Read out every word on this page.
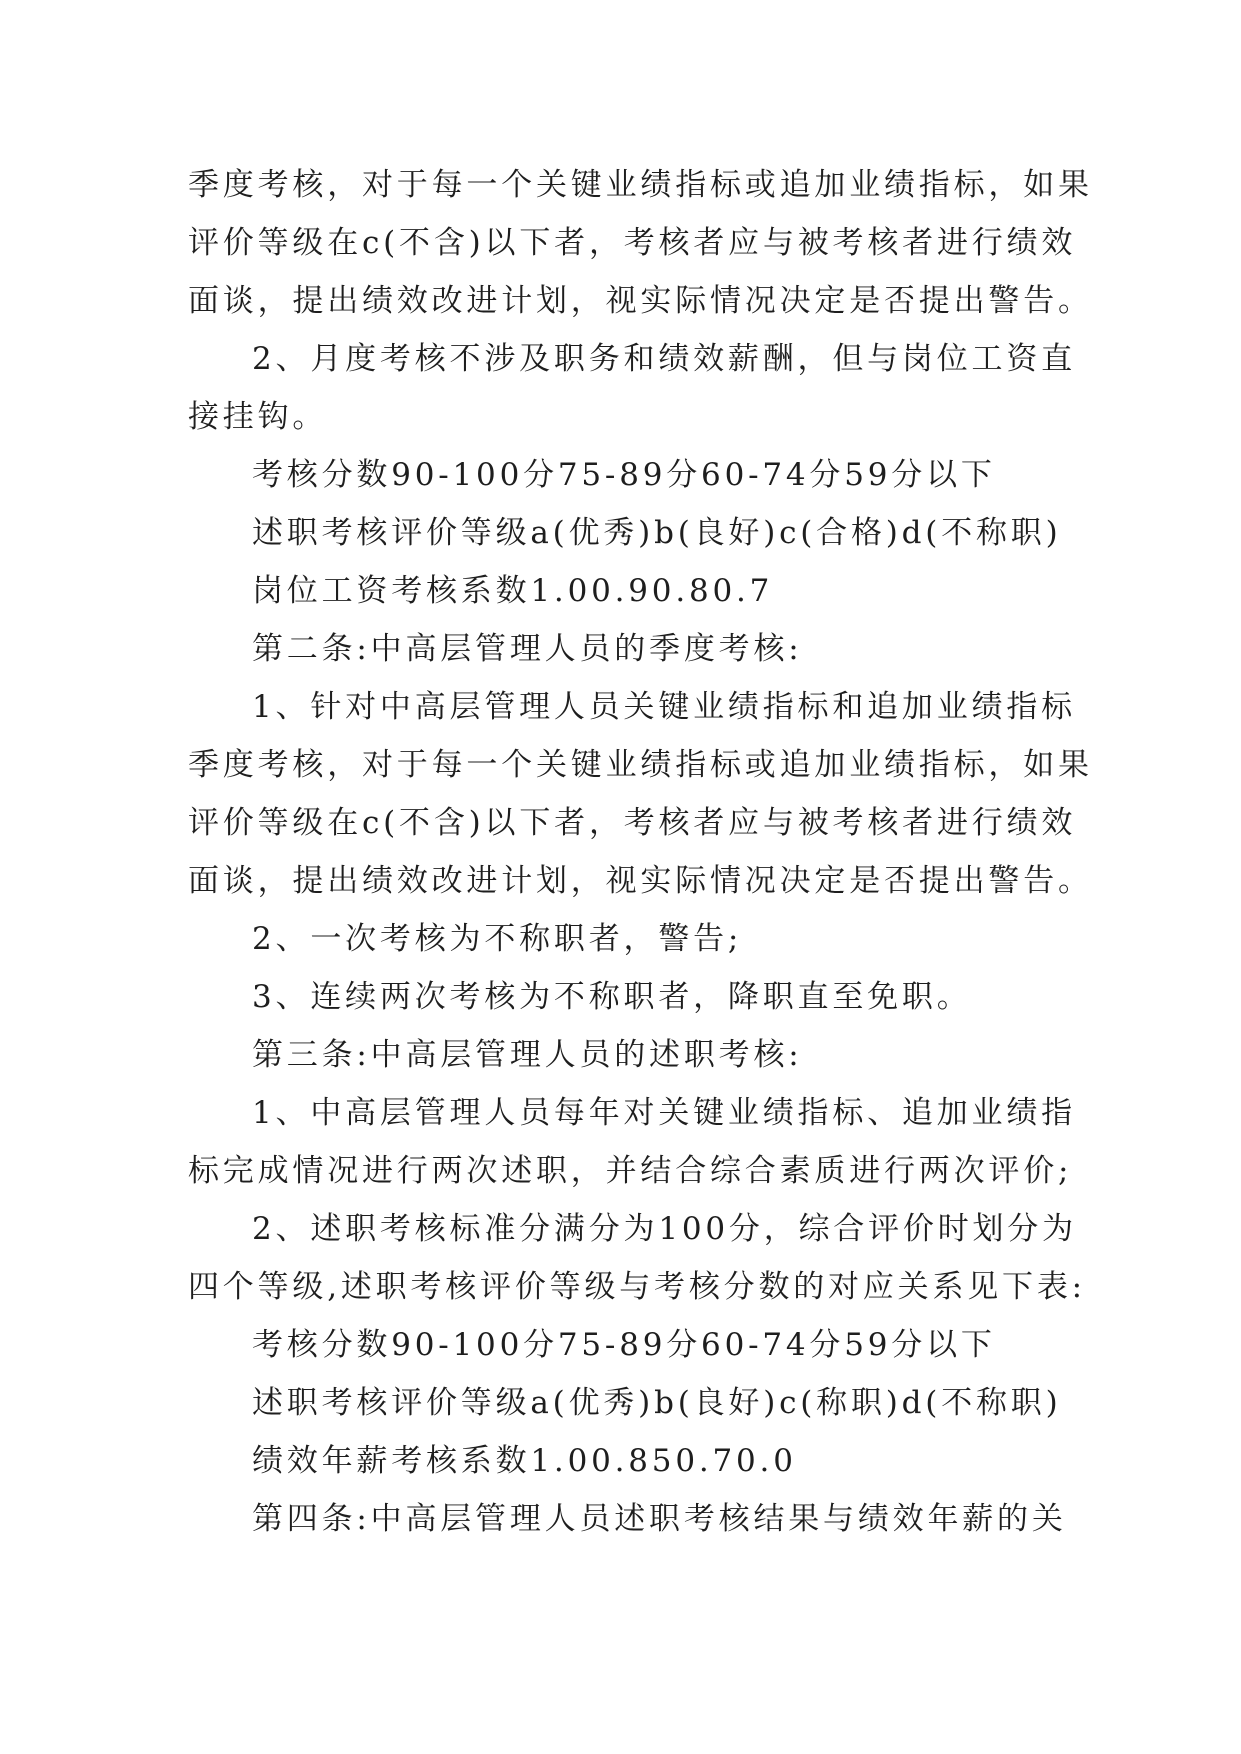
季度考核，对于每一个关键业绩指标或追加业绩指标，如果
评价等级在c(不含)以下者，考核者应与被考核者进行绩效
面谈，提出绩效改进计划，视实际情况决定是否提出警告。
2、月度考核不涉及职务和绩效薪酬，但与岗位工资直
接挂钩。
考核分数90-100分75-89分60-74分59分以下
述职考核评价等级a(优秀)b(良好)c(合格)d(不称职)
岗位工资考核系数1.00.90.80.7
第二条:中高层管理人员的季度考核:
1、针对中高层管理人员关键业绩指标和追加业绩指标
季度考核，对于每一个关键业绩指标或追加业绩指标，如果
评价等级在c(不含)以下者，考核者应与被考核者进行绩效
面谈，提出绩效改进计划，视实际情况决定是否提出警告。
2、一次考核为不称职者，警告;
3、连续两次考核为不称职者，降职直至免职。
第三条:中高层管理人员的述职考核:
1、中高层管理人员每年对关键业绩指标、追加业绩指
标完成情况进行两次述职，并结合综合素质进行两次评价;
2、述职考核标准分满分为100分，综合评价时划分为
四个等级,述职考核评价等级与考核分数的对应关系见下表:
考核分数90-100分75-89分60-74分59分以下
述职考核评价等级a(优秀)b(良好)c(称职)d(不称职)
绩效年薪考核系数1.00.850.70.0
第四条:中高层管理人员述职考核结果与绩效年薪的关
